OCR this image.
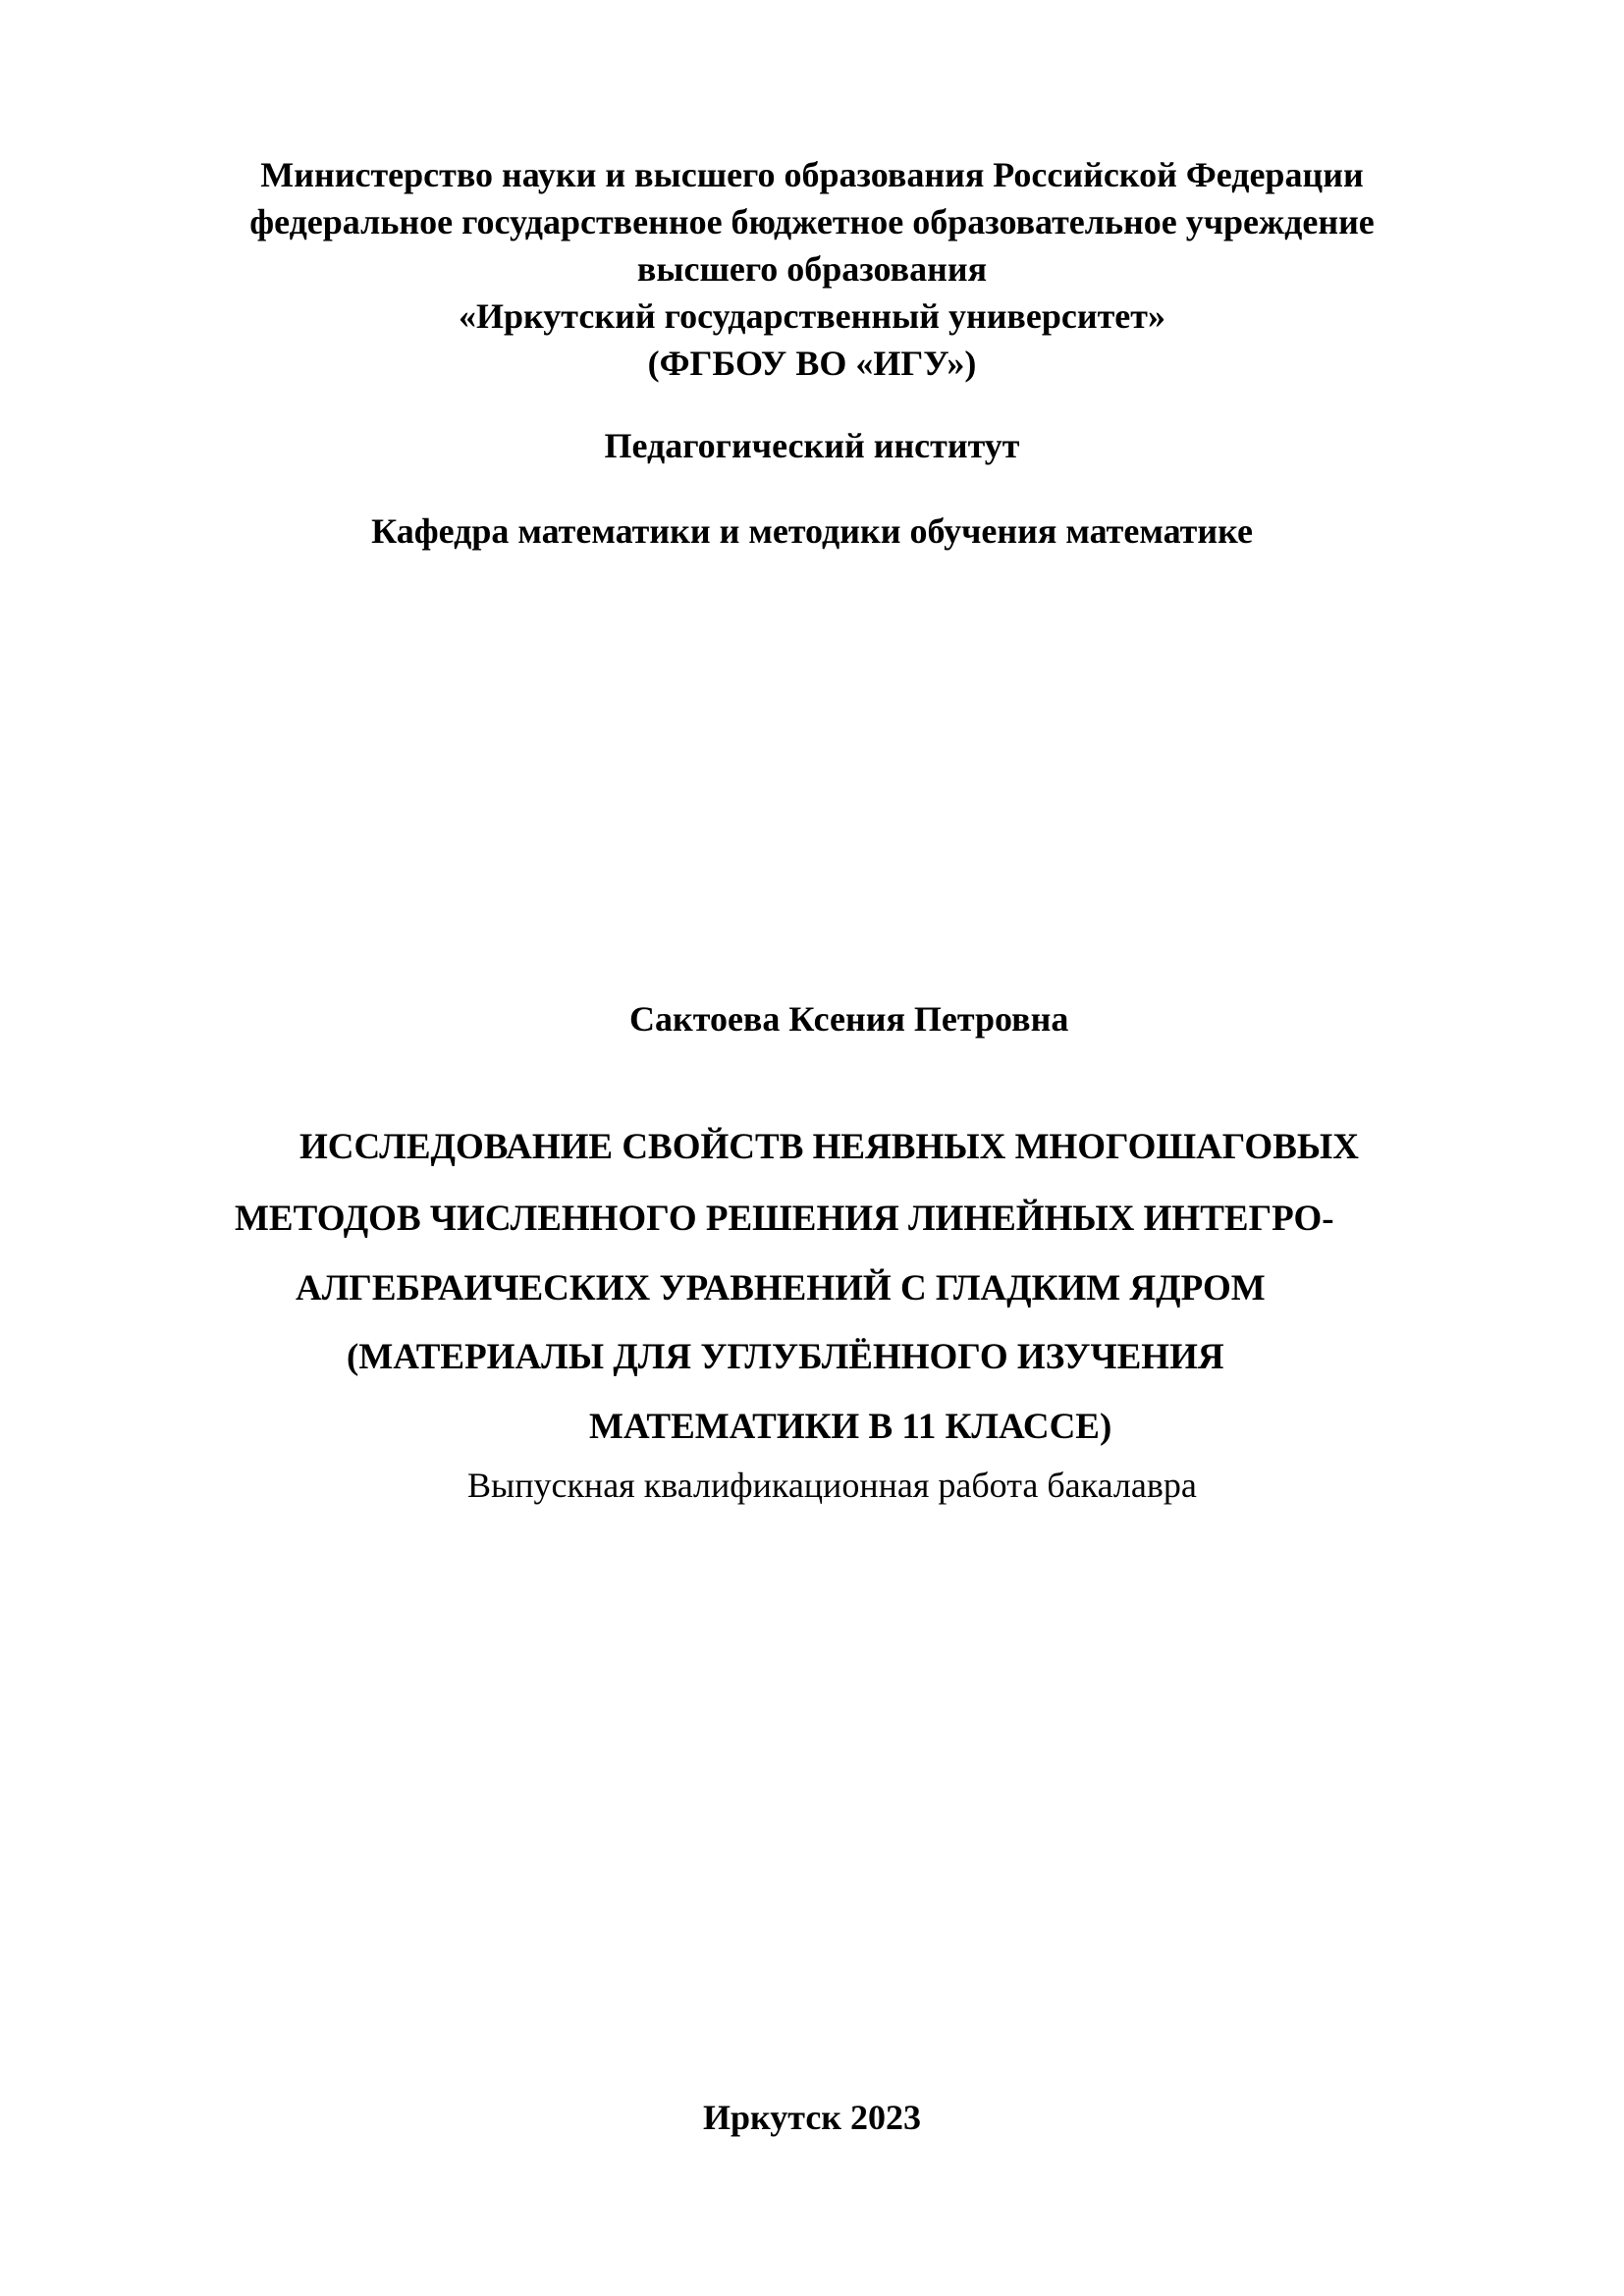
Министерство науки и высшего образования Российской Федерации
федеральное государственное бюджетное образовательное учреждение
высшего образования
«Иркутский государственный университет»
(ФГБОУ ВО «ИГУ»)
Педагогический институт
Кафедра математики и методики обучения математике
Сактоева Ксения Петровна
ИССЛЕДОВАНИЕ СВОЙСТВ НЕЯВНЫХ МНОГОШАГОВЫХ
МЕТОДОВ ЧИСЛЕННОГО РЕШЕНИЯ ЛИНЕЙНЫХ ИНТЕГРО-
АЛГЕБРАИЧЕСКИХ УРАВНЕНИЙ С ГЛАДКИМ ЯДРОМ
(МАТЕРИАЛЫ ДЛЯ УГЛУБЛЁННОГО ИЗУЧЕНИЯ
МАТЕМАТИКИ В 11 КЛАССЕ)
Выпускная квалификационная работа бакалавра
Иркутск 2023
